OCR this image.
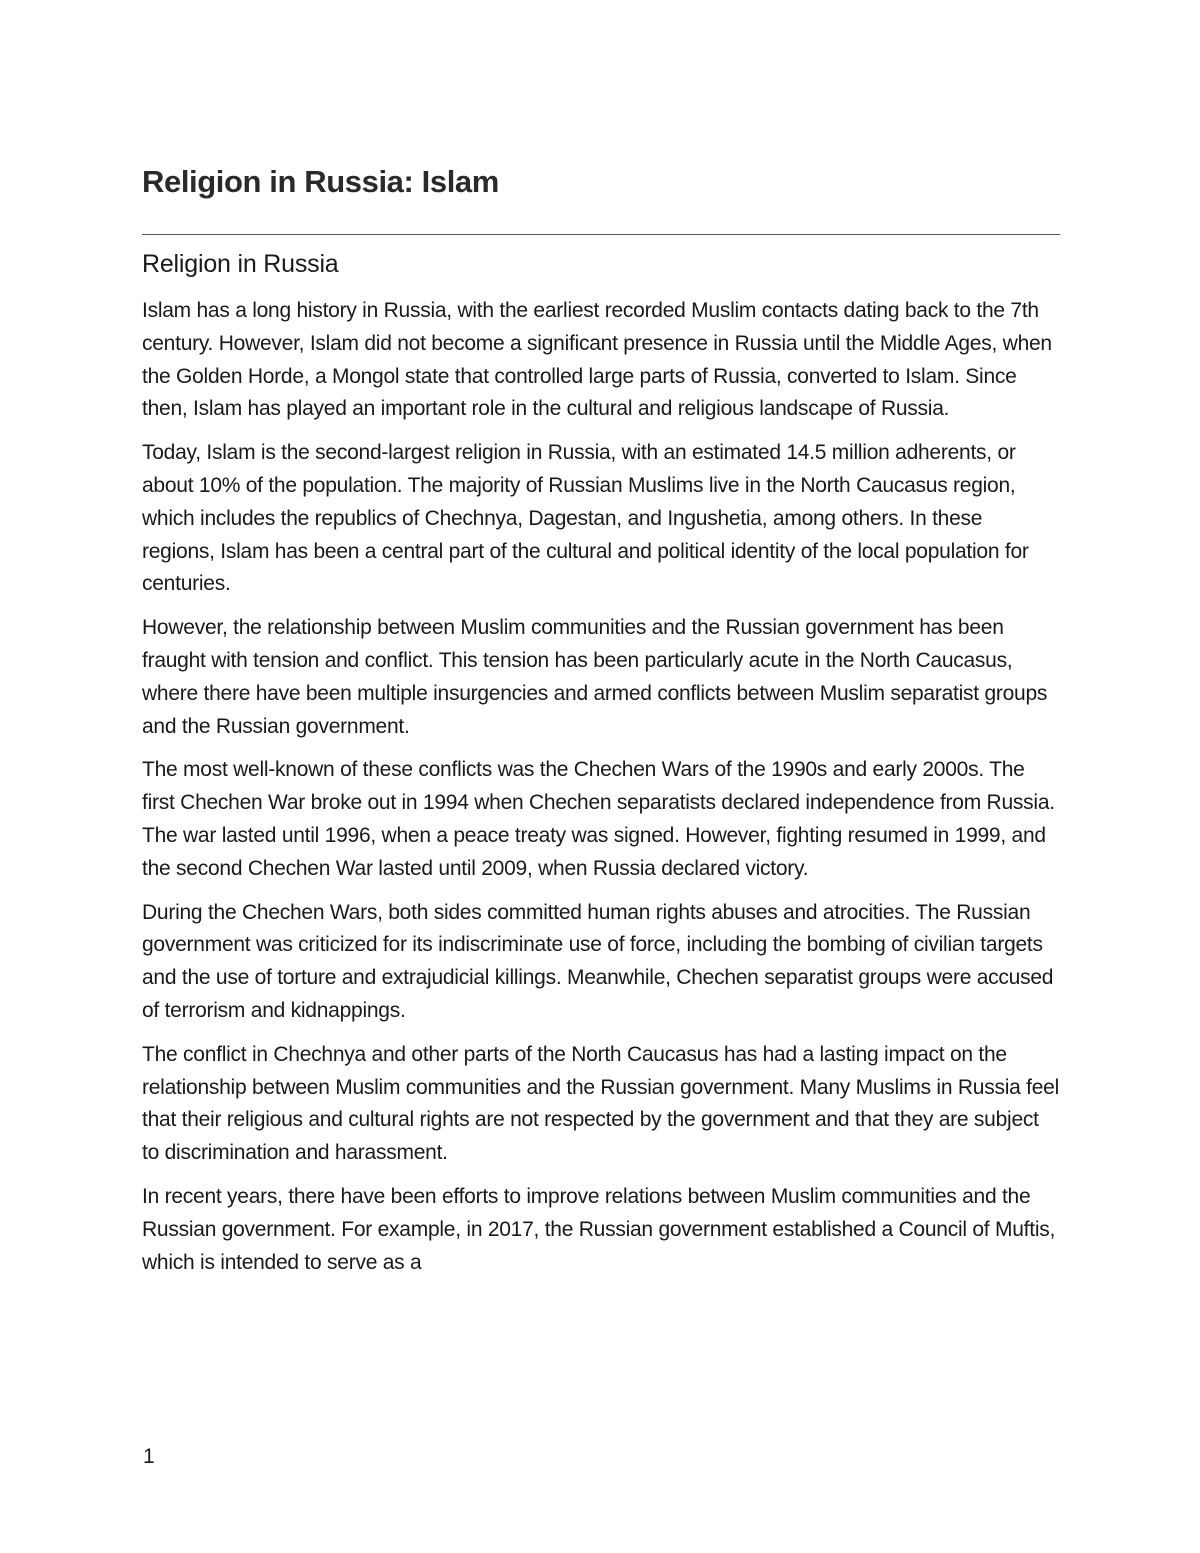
Religion in Russia: Islam
Religion in Russia

Islam has a long history in Russia, with the earliest recorded Muslim contacts dating back to the 7th century. However, Islam did not become a significant presence in Russia until the Middle Ages, when the Golden Horde, a Mongol state that controlled large parts of Russia, converted to Islam. Since then, Islam has played an important role in the cultural and religious landscape of Russia.

Today, Islam is the second-largest religion in Russia, with an estimated 14.5 million adherents, or about 10% of the population. The majority of Russian Muslims live in the North Caucasus region, which includes the republics of Chechnya, Dagestan, and Ingushetia, among others. In these regions, Islam has been a central part of the cultural and political identity of the local population for centuries.

However, the relationship between Muslim communities and the Russian government has been fraught with tension and conflict. This tension has been particularly acute in the North Caucasus, where there have been multiple insurgencies and armed conflicts between Muslim separatist groups and the Russian government.

The most well-known of these conflicts was the Chechen Wars of the 1990s and early 2000s. The first Chechen War broke out in 1994 when Chechen separatists declared independence from Russia. The war lasted until 1996, when a peace treaty was signed. However, fighting resumed in 1999, and the second Chechen War lasted until 2009, when Russia declared victory.

During the Chechen Wars, both sides committed human rights abuses and atrocities. The Russian government was criticized for its indiscriminate use of force, including the bombing of civilian targets and the use of torture and extrajudicial killings. Meanwhile, Chechen separatist groups were accused of terrorism and kidnappings.

The conflict in Chechnya and other parts of the North Caucasus has had a lasting impact on the relationship between Muslim communities and the Russian government. Many Muslims in Russia feel that their religious and cultural rights are not respected by the government and that they are subject to discrimination and harassment.

In recent years, there have been efforts to improve relations between Muslim communities and the Russian government. For example, in 2017, the Russian government established a Council of Muftis, which is intended to serve as a

1
